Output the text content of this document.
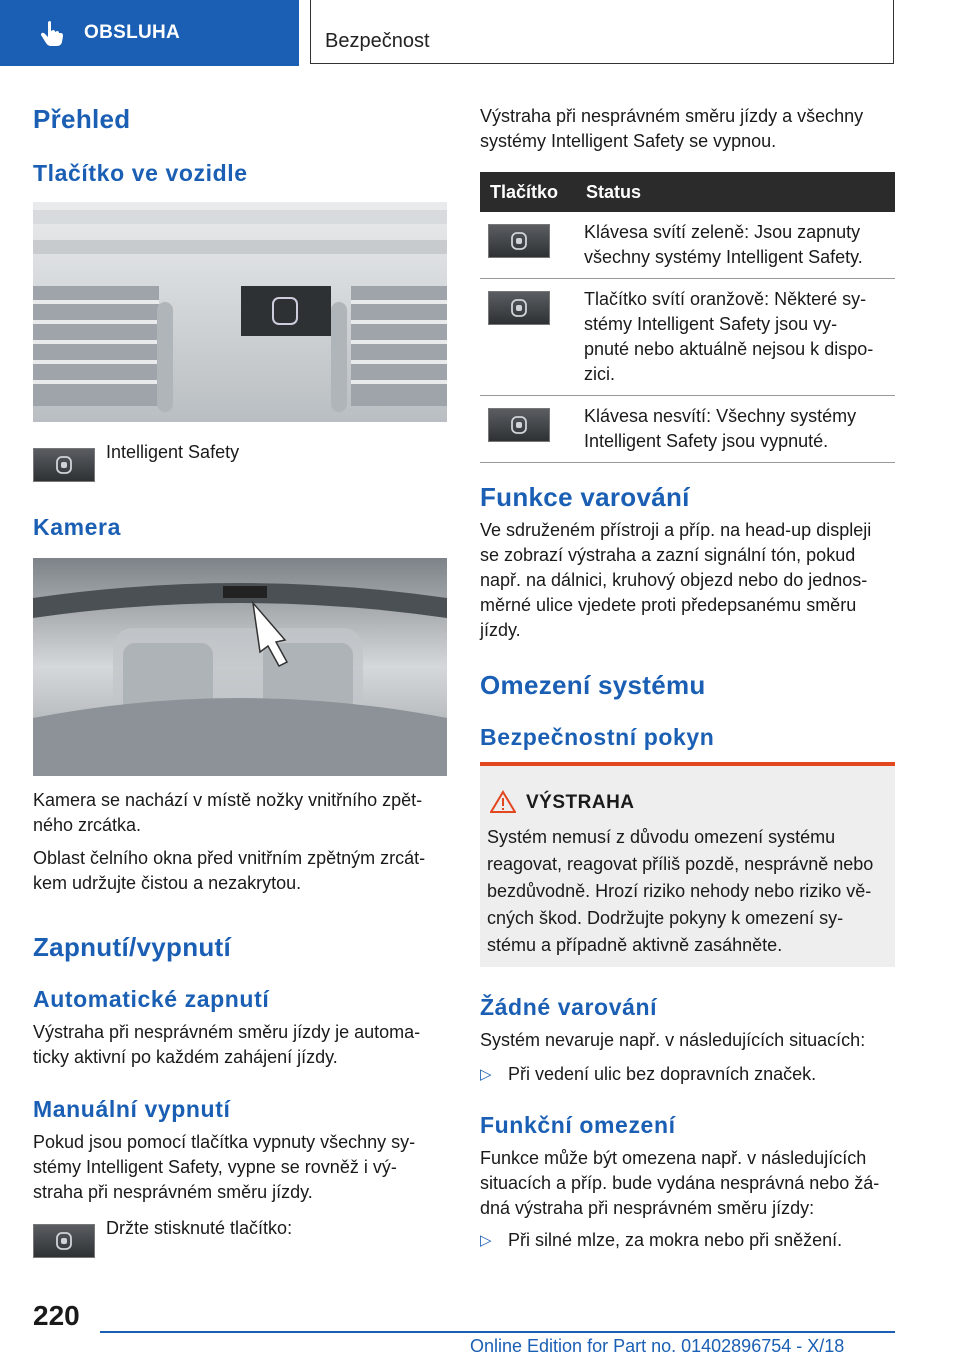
OBSLUHA	Bezpečnost
Přehled
Tlačítko ve vozidle

Intelligent Safety

Kamera

Kamera se nachází v místě nožky vnitřního zpět-
ného zrcátka.

Oblast čelního okna před vnitřním zpětným zrcát-
kem udržujte čistou a nezakrytou.

Zapnutí/vypnutí
Automatické zapnutí

Výstraha při nesprávném směru jízdy je automa-
ticky aktivní po každém zahájení jízdy.

Manuální vypnutí

Pokud jsou pomocí tlačítka vypnuty všechny sy-
stémy Intelligent Safety, vypne se rovněž i vý-
straha při nesprávném směru jízdy.

Držte stisknuté tlačítko:

Výstraha při nesprávném směru jízdy a všechny
systémy Intelligent Safety se vypnou.

Tlačítko	Status

	Klávesa svítí zeleně: Jsou zapnuty
všechny systémy Intelligent Safety.

	Tlačítko svítí oranžově: Některé sy-
stémy Intelligent Safety jsou vy-
pnuté nebo aktuálně nejsou k dispo-
zici.

	Klávesa nesvítí: Všechny systémy
Intelligent Safety jsou vypnuté.
Funkce varování

Ve sdruženém přístroji a příp. na head-up displeji
se zobrazí výstraha a zazní signální tón, pokud
např. na dálnici, kruhový objezd nebo do jednos-
měrné ulice vjedete proti předepsanému směru
jízdy.

Omezení systému
Bezpečnostní pokyn
VÝSTRAHA

Systém nemusí z důvodu omezení systému
reagovat, reagovat příliš pozdě, nesprávně nebo
bezdůvodně. Hrozí riziko nehody nebo riziko vě-
cných škod. Dodržujte pokyny k omezení sy-
stému a případně aktivně zasáhněte.

Žádné varování

Systém nevaruje např. v následujících situacích:

▷ Při vedení ulic bez dopravních značek.
Funkční omezení

Funkce může být omezena např. v následujících
situacích a příp. bude vydána nesprávná nebo žá-
dná výstraha při nesprávném směru jízdy:

▷ Při silné mlze, za mokra nebo při sněžení.
220
Online Edition for Part no. 01402896754 - X/18
